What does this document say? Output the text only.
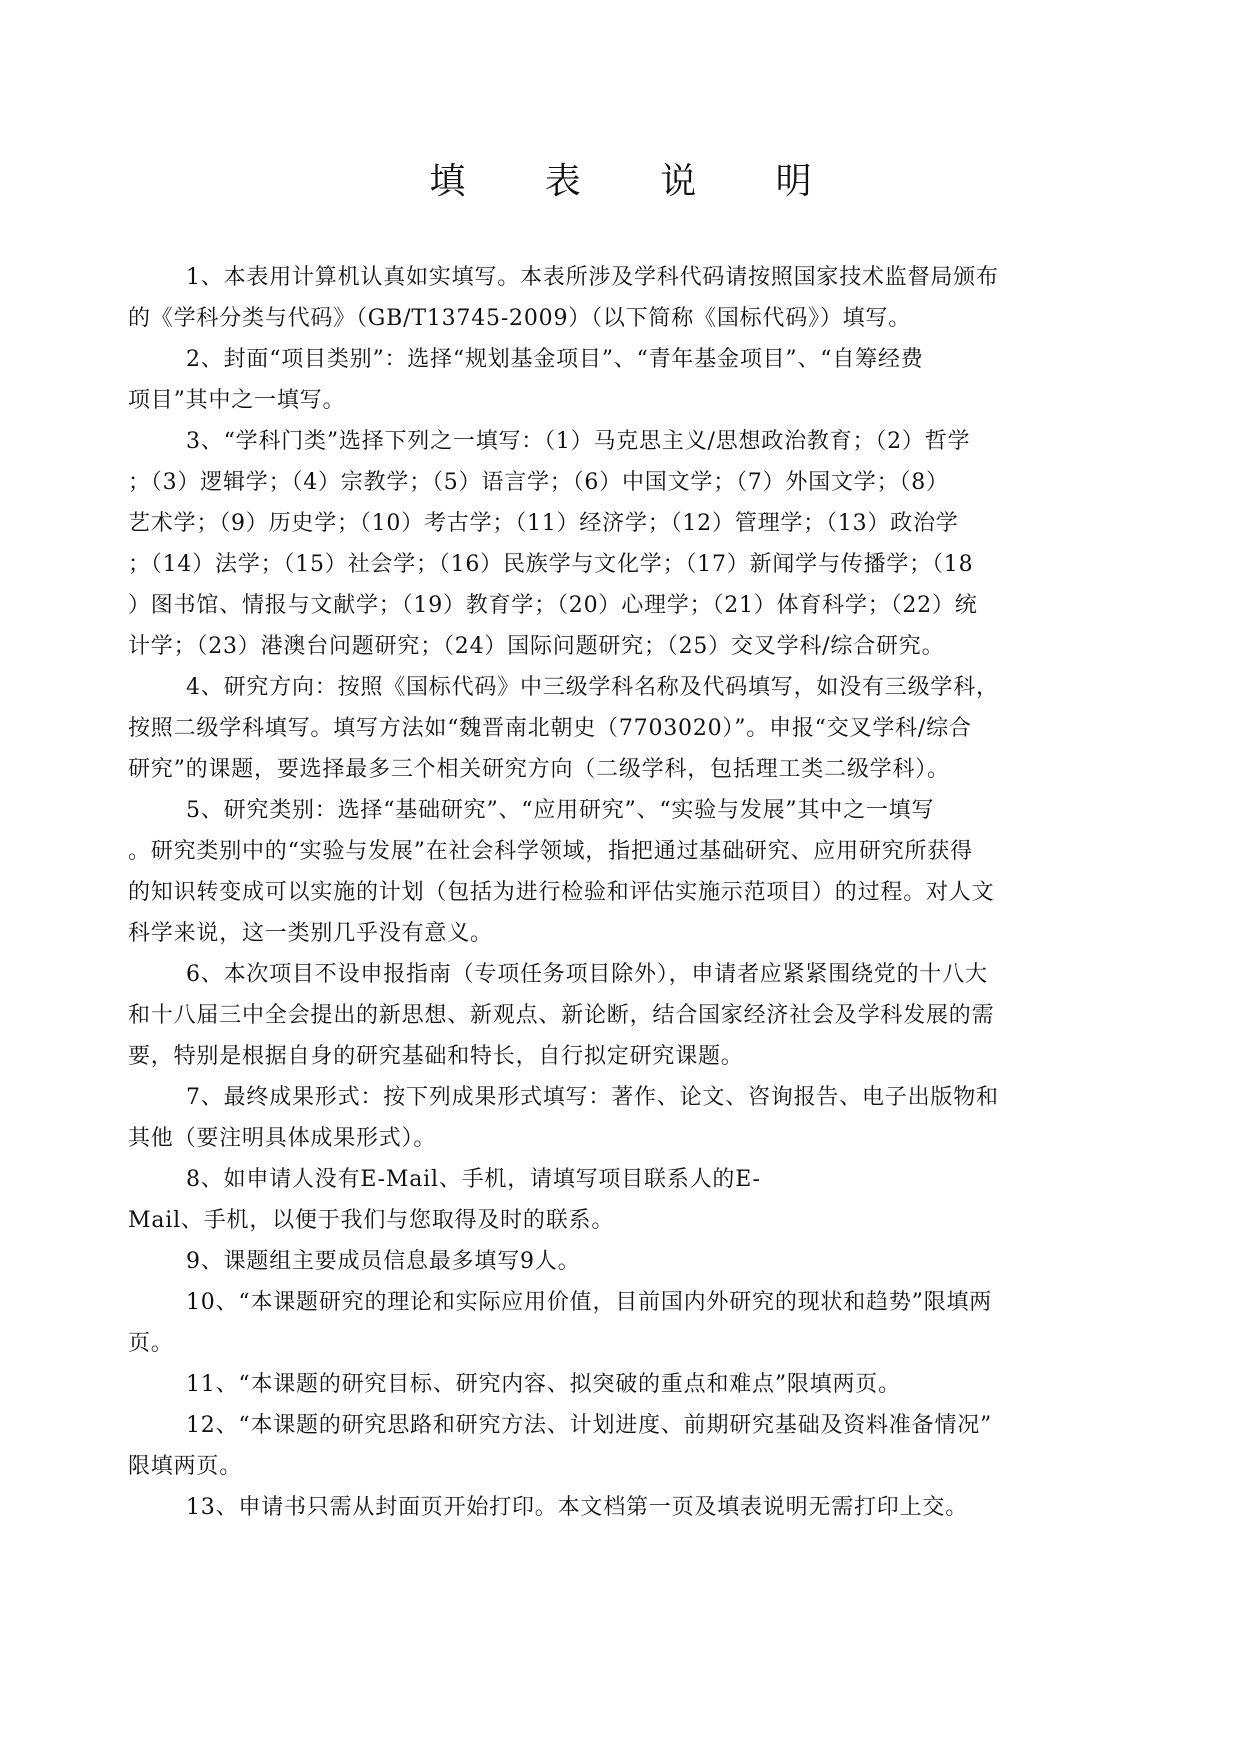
填 表 说 明

1、本表用计算机认真如实填写。本表所涉及学科代码请按照国家技术监督局颁布
的《学科分类与代码》（GB/T13745-2009）（以下简称《国标代码》）填写。

2、封面“项目类别”：选择“规划基金项目”、“青年基金项目”、“自筹经费
项目”其中之一填写。

3、“学科门类”选择下列之一填写：（1）马克思主义/思想政治教育；（2）哲学
；（3）逻辑学；（4）宗教学；（5）语言学；（6）中国文学；（7）外国文学；（8）
艺术学；（9）历史学；（10）考古学；（11）经济学；（12）管理学；（13）政治学
；（14）法学；（15）社会学；（16）民族学与文化学；（17）新闻学与传播学；（18
）图书馆、情报与文献学；（19）教育学；（20）心理学；（21）体育科学；（22）统
计学；（23）港澳台问题研究；（24）国际问题研究；（25）交叉学科/综合研究。

4、研究方向：按照《国标代码》中三级学科名称及代码填写，如没有三级学科，
按照二级学科填写。填写方法如“魏晋南北朝史（7703020）”。申报“交叉学科/综合
研究”的课题，要选择最多三个相关研究方向（二级学科，包括理工类二级学科）。

5、研究类别：选择“基础研究”、“应用研究”、“实验与发展”其中之一填写
。研究类别中的“实验与发展”在社会科学领域，指把通过基础研究、应用研究所获得
的知识转变成可以实施的计划（包括为进行检验和评估实施示范项目）的过程。对人文
科学来说，这一类别几乎没有意义。

6、本次项目不设申报指南（专项任务项目除外），申请者应紧紧围绕党的十八大
和十八届三中全会提出的新思想、新观点、新论断，结合国家经济社会及学科发展的需
要，特别是根据自身的研究基础和特长，自行拟定研究课题。

7、最终成果形式：按下列成果形式填写：著作、论文、咨询报告、电子出版物和
其他（要注明具体成果形式）。

8、如申请人没有E-Mail、手机，请填写项目联系人的E-
Mail、手机，以便于我们与您取得及时的联系。

9、课题组主要成员信息最多填写9人。

10、“本课题研究的理论和实际应用价值，目前国内外研究的现状和趋势”限填两
页。

11、“本课题的研究目标、研究内容、拟突破的重点和难点”限填两页。

12、“本课题的研究思路和研究方法、计划进度、前期研究基础及资料准备情况”
限填两页。

13、申请书只需从封面页开始打印。本文档第一页及填表说明无需打印上交。
